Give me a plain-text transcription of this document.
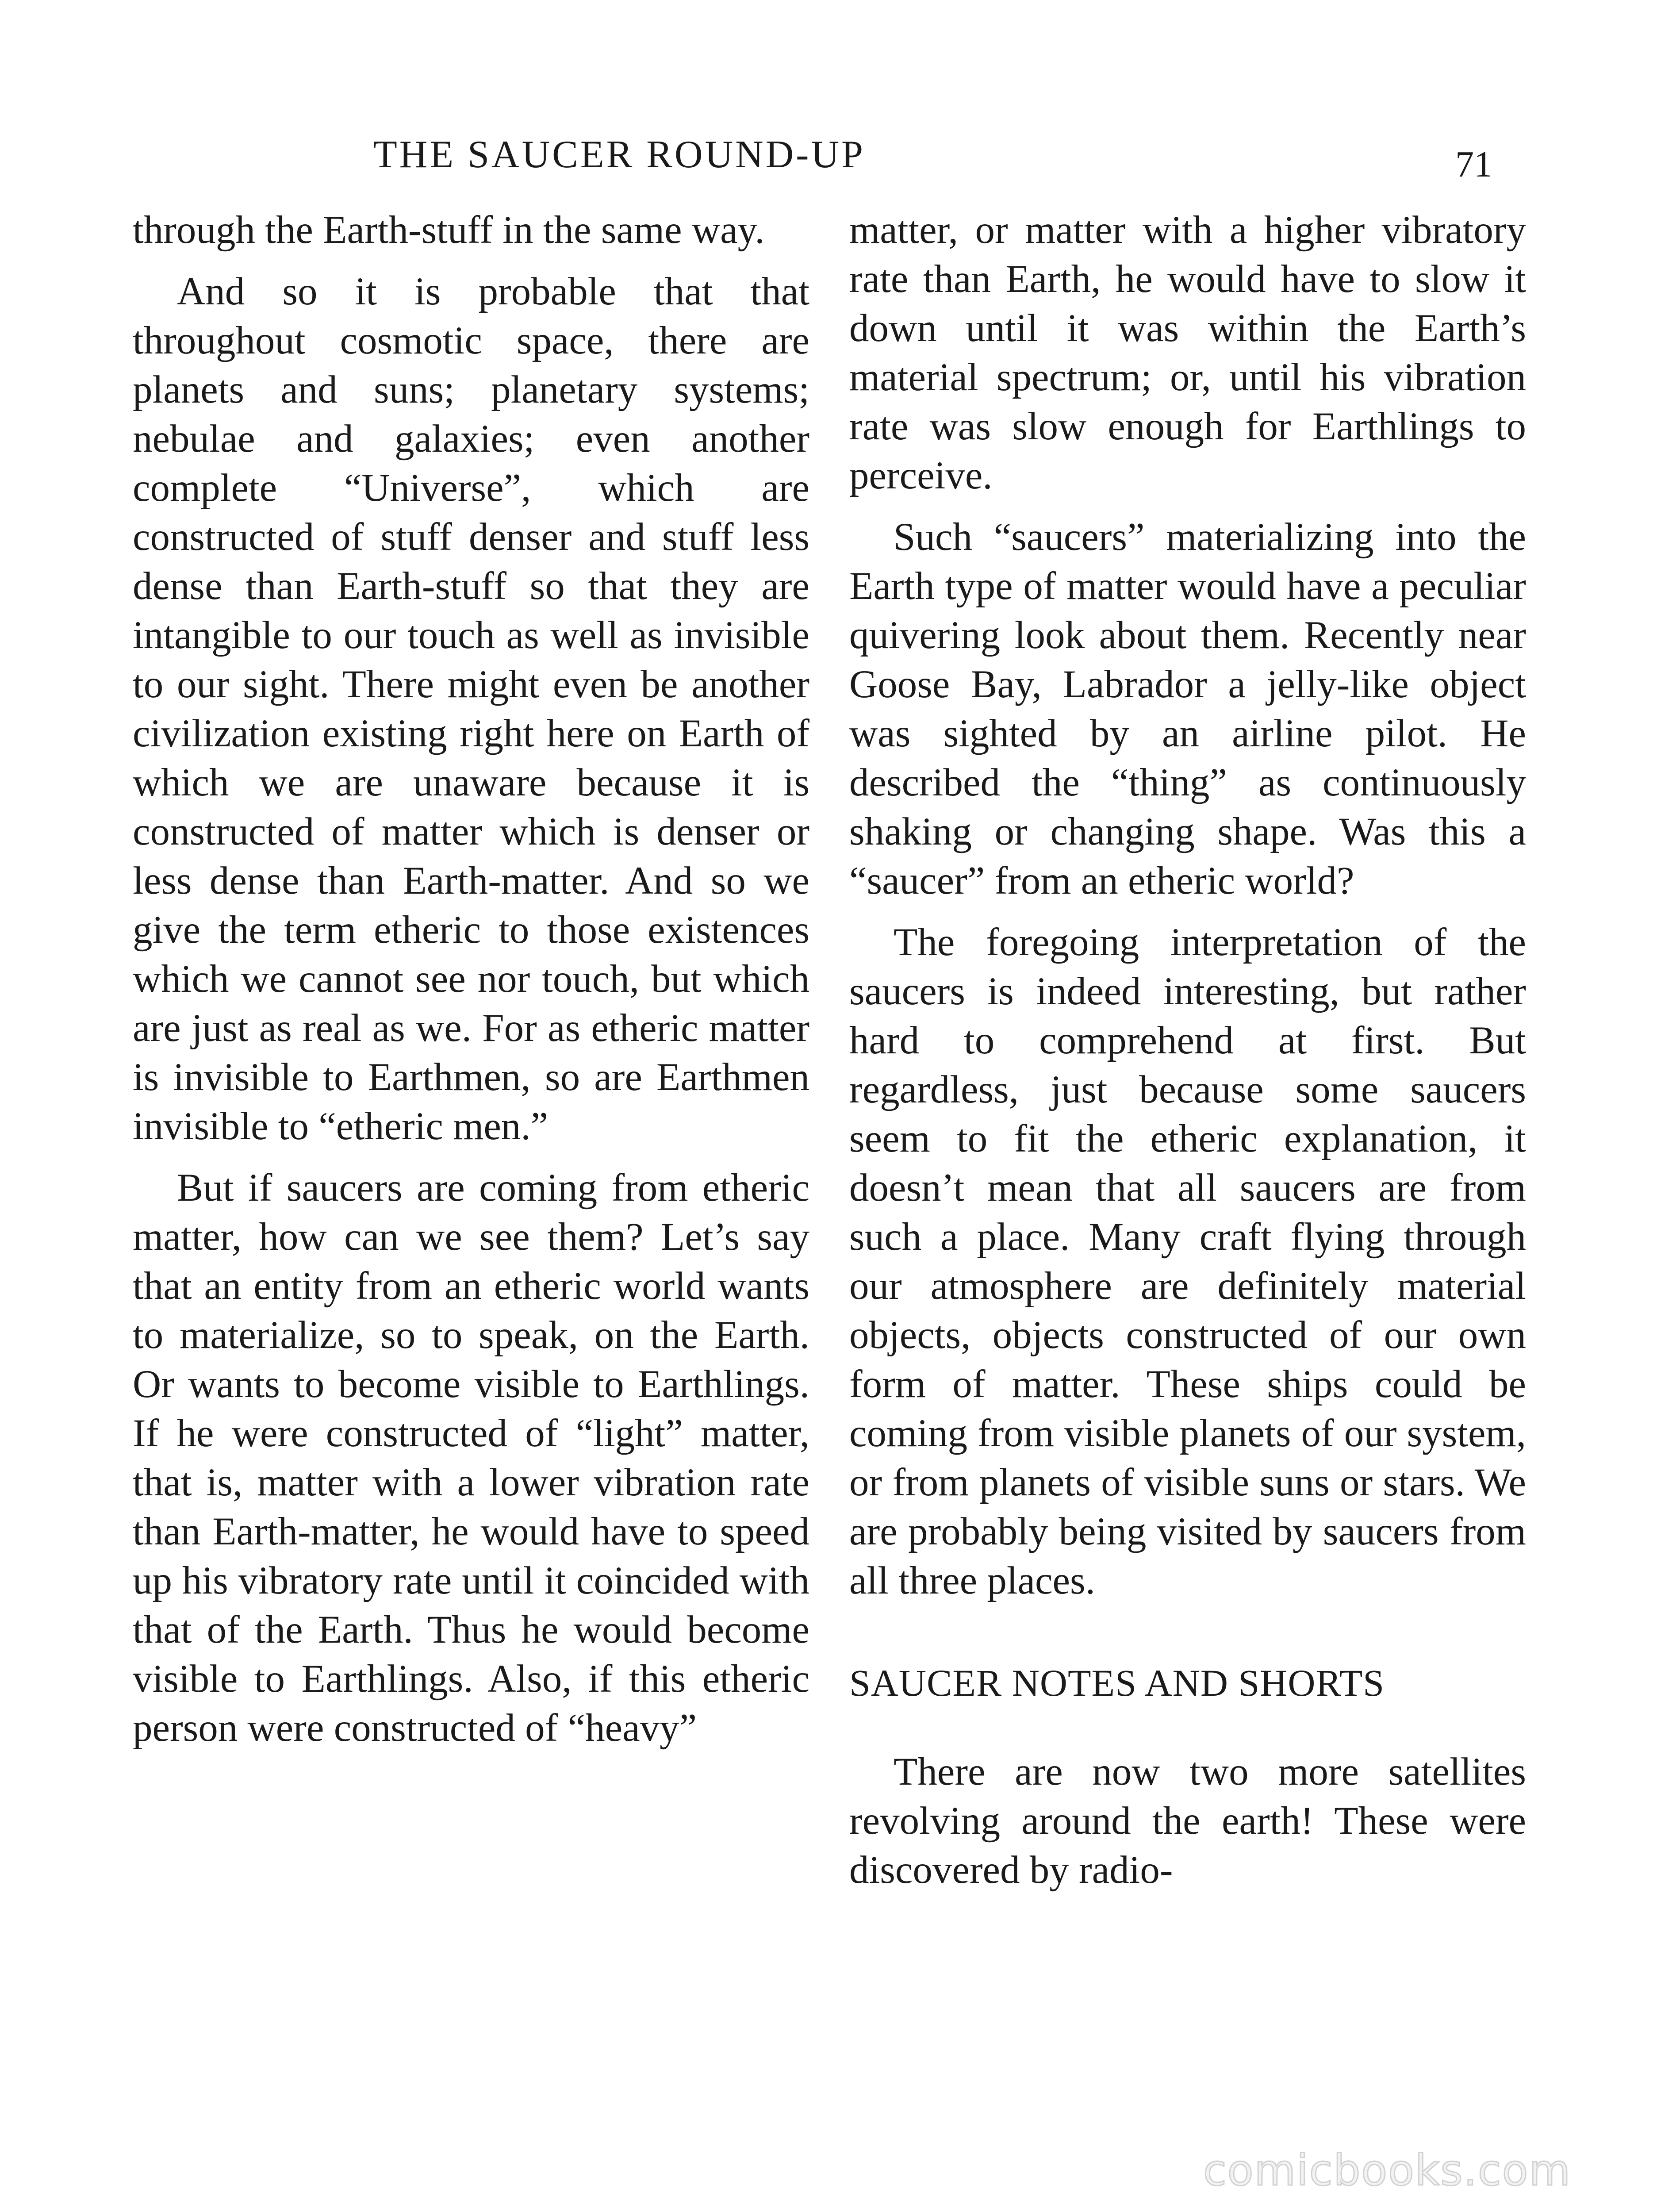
THE SAUCER ROUND-UP	71

through the Earth-stuff in the same way.

And so it is probable that that throughout cosmotic space, there are planets and suns; planetary systems; nebulae and galaxies; even another complete “Universe”, which are constructed of stuff denser and stuff less dense than Earth-stuff so that they are intangible to our touch as well as invisible to our sight. There might even be another civilization existing right here on Earth of which we are unaware because it is constructed of matter which is denser or less dense than Earth-matter. And so we give the term etheric to those existences which we cannot see nor touch, but which are just as real as we. For as etheric matter is invisible to Earthmen, so are Earthmen invisible to “etheric men.”

But if saucers are coming from etheric matter, how can we see them? Let’s say that an entity from an etheric world wants to materialize, so to speak, on the Earth. Or wants to become visible to Earthlings. If he were constructed of “light” matter, that is, matter with a lower vibration rate than Earth-matter, he would have to speed up his vibratory rate until it coincided with that of the Earth. Thus he would become visible to Earthlings. Also, if this etheric person were constructed of “heavy”

matter, or matter with a higher vibratory rate than Earth, he would have to slow it down until it was within the Earth’s material spectrum; or, until his vibration rate was slow enough for Earthlings to perceive.

Such “saucers” materializing into the Earth type of matter would have a peculiar quivering look about them. Recently near Goose Bay, Labrador a jelly-like object was sighted by an airline pilot. He described the “thing” as continuously shaking or changing shape. Was this a “saucer” from an etheric world?

The foregoing interpretation of the saucers is indeed interesting, but rather hard to comprehend at first. But regardless, just because some saucers seem to fit the etheric explanation, it doesn’t mean that all saucers are from such a place. Many craft flying through our atmosphere are definitely material objects, objects constructed of our own form of matter. These ships could be coming from visible planets of our system, or from planets of visible suns or stars. We are probably being visited by saucers from all three places.

SAUCER NOTES AND SHORTS

There are now two more satellites revolving around the earth! These were discovered by radio-

comicbooks.com
